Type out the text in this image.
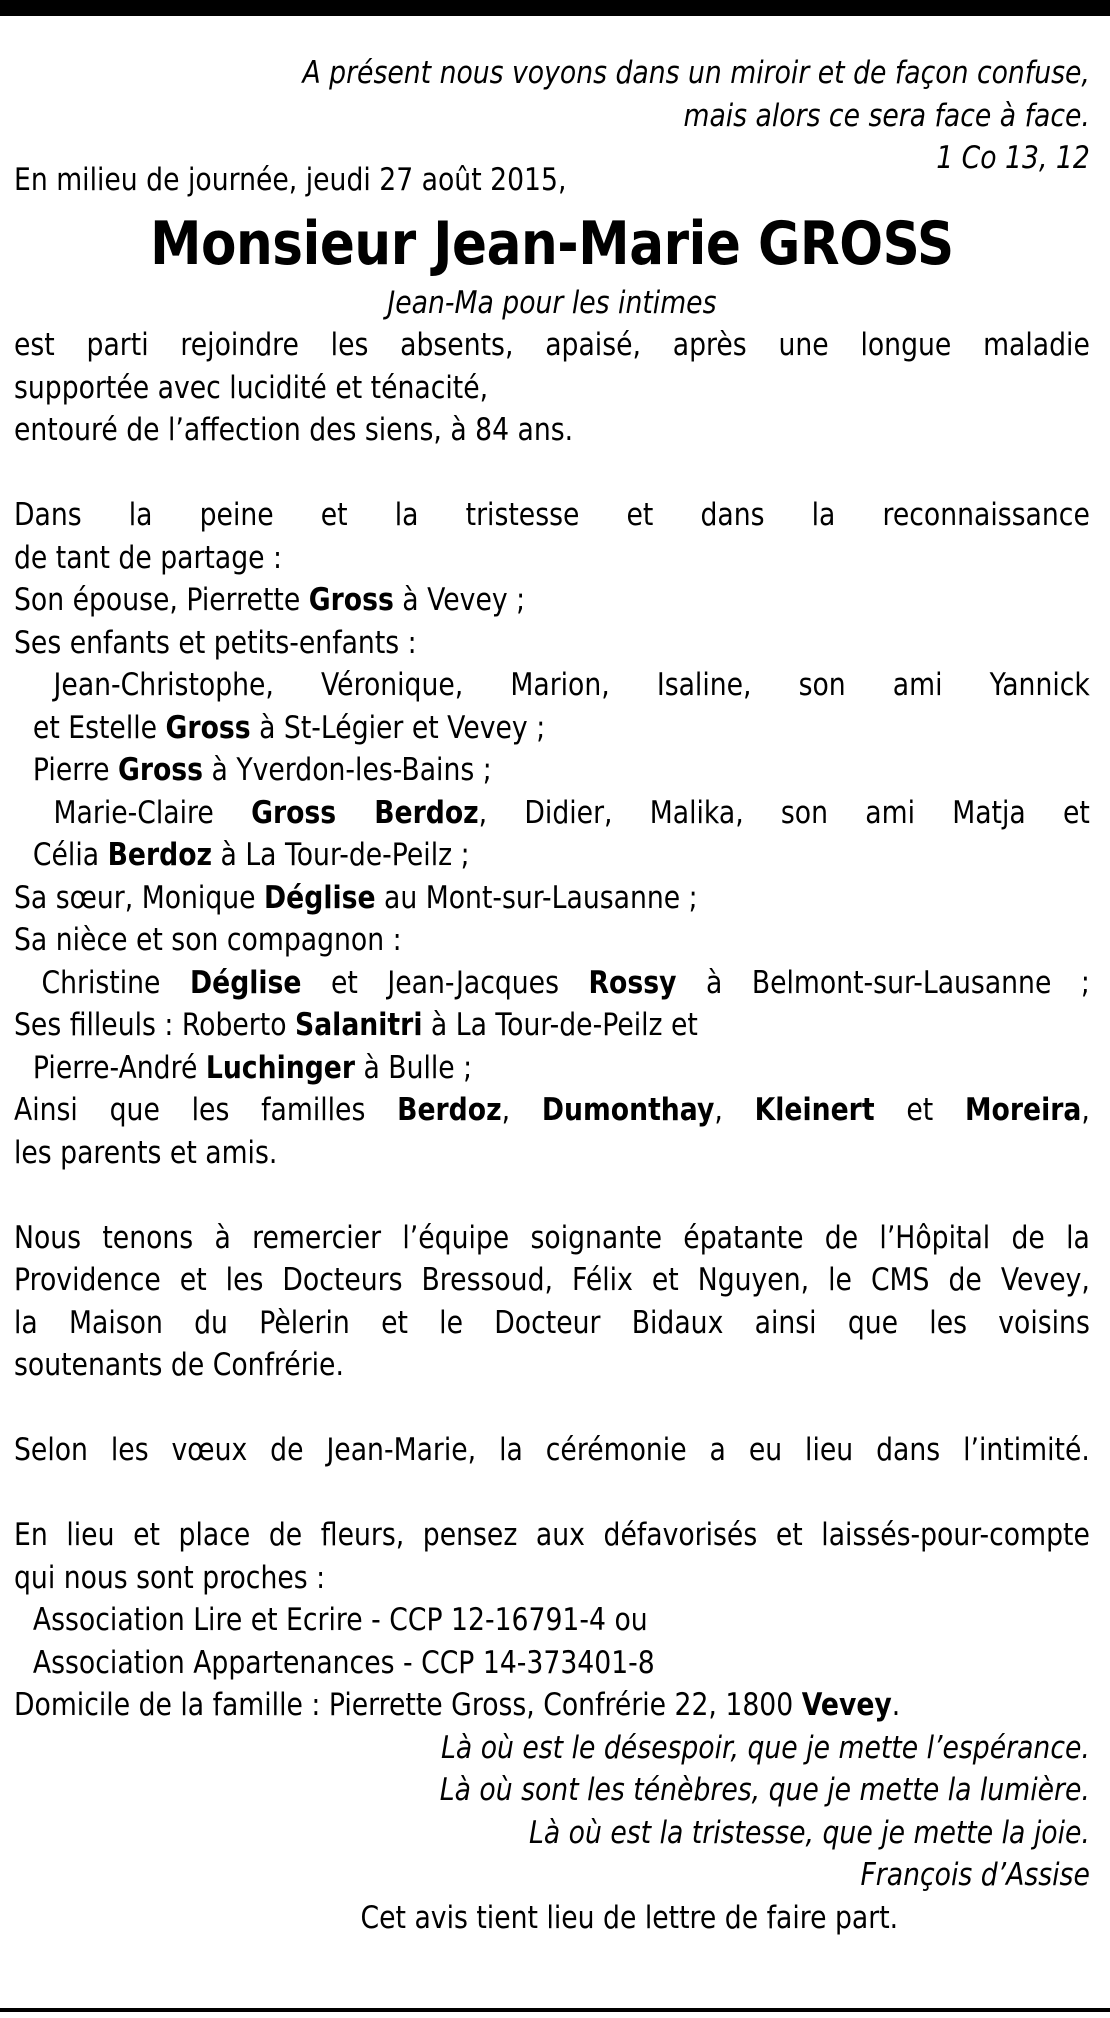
A présent nous voyons dans un miroir et de façon confuse,
mais alors ce sera face à face.
1 Co 13, 12
En milieu de journée, jeudi 27 août 2015,
Monsieur Jean-Marie GROSS
Jean-Ma pour les intimes
est parti rejoindre les absents, apaisé, après une longue maladie
supportée avec lucidité et ténacité,
entouré de l’affection des siens, à 84 ans.
Dans la peine et la tristesse et dans la reconnaissance
de tant de partage :
Son épouse, Pierrette Gross à Vevey ;
Ses enfants et petits-enfants :
Jean-Christophe, Véronique, Marion, Isaline, son ami Yannick
et Estelle Gross à St-Légier et Vevey ;
Pierre Gross à Yverdon-les-Bains ;
Marie-Claire Gross Berdoz, Didier, Malika, son ami Matja et
Célia Berdoz à La Tour-de-Peilz ;
Sa sœur, Monique Déglise au Mont-sur-Lausanne ;
Sa nièce et son compagnon :
Christine Déglise et Jean-Jacques Rossy à Belmont-sur-Lausanne ;
Ses filleuls : Roberto Salanitri à La Tour-de-Peilz et
Pierre-André Luchinger à Bulle ;
Ainsi que les familles Berdoz, Dumonthay, Kleinert et Moreira,
les parents et amis.
Nous tenons à remercier l’équipe soignante épatante de l’Hôpital de la
Providence et les Docteurs Bressoud, Félix et Nguyen, le CMS de Vevey,
la Maison du Pèlerin et le Docteur Bidaux ainsi que les voisins
soutenants de Confrérie.
Selon les vœux de Jean-Marie, la cérémonie a eu lieu dans l’intimité.
En lieu et place de fleurs, pensez aux défavorisés et laissés-pour-compte
qui nous sont proches :
Association Lire et Ecrire - CCP 12-16791-4 ou
Association Appartenances - CCP 14-373401-8
Domicile de la famille : Pierrette Gross, Confrérie 22, 1800 Vevey.
Là où est le désespoir, que je mette l’espérance.
Là où sont les ténèbres, que je mette la lumière.
Là où est la tristesse, que je mette la joie.
François d’Assise
Cet avis tient lieu de lettre de faire part.
